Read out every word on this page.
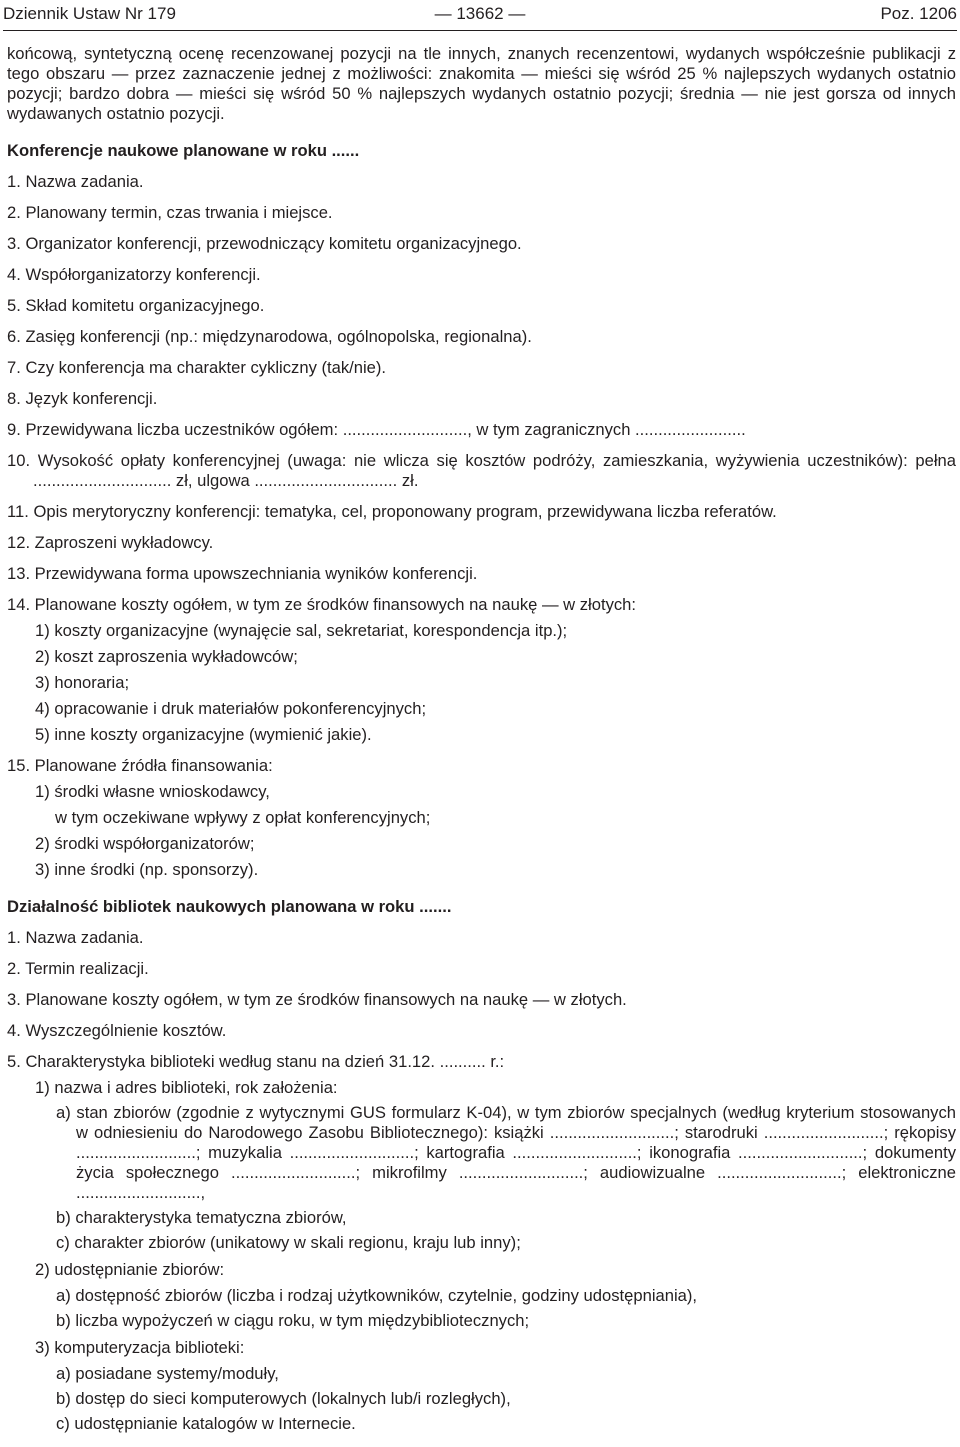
Dziennik Ustaw Nr 179	— 13662 —	Poz. 1206
końcową, syntetyczną ocenę recenzowanej pozycji na tle innych, znanych recenzentowi, wydanych współcześnie publikacji z tego obszaru — przez zaznaczenie jednej z możliwości: znakomita — mieści się wśród 25 % najlepszych wydanych ostatnio pozycji; bardzo dobra — mieści się wśród 50 % najlepszych wydanych ostatnio pozycji; średnia — nie jest gorsza od innych wydawanych ostatnio pozycji.
Konferencje naukowe planowane w roku ......
1. Nazwa zadania.
2. Planowany termin, czas trwania i miejsce.
3. Organizator konferencji, przewodniczący komitetu organizacyjnego.
4. Współorganizatorzy konferencji.
5. Skład komitetu organizacyjnego.
6. Zasięg konferencji (np.: międzynarodowa, ogólnopolska, regionalna).
7. Czy konferencja ma charakter cykliczny (tak/nie).
8. Język konferencji.
9. Przewidywana liczba uczestników ogółem: ..........................., w tym zagranicznych ........................
10. Wysokość opłaty konferencyjnej (uwaga: nie wlicza się kosztów podróży, zamieszkania, wyżywienia uczestników): pełna .............................. zł, ulgowa ............................... zł.
11. Opis merytoryczny konferencji: tematyka, cel, proponowany program, przewidywana liczba referatów.
12. Zaproszeni wykładowcy.
13. Przewidywana forma upowszechniania wyników konferencji.
14. Planowane koszty ogółem, w tym ze środków finansowych na naukę — w złotych:
1) koszty organizacyjne (wynajęcie sal, sekretariat, korespondencja itp.);
2) koszt zaproszenia wykładowców;
3) honoraria;
4) opracowanie i druk materiałów pokonferencyjnych;
5) inne koszty organizacyjne (wymienić jakie).
15. Planowane źródła finansowania:
1) środki własne wnioskodawcy,
w tym oczekiwane wpływy z opłat konferencyjnych;
2) środki współorganizatorów;
3) inne środki (np. sponsorzy).
Działalność bibliotek naukowych planowana w roku .......
1. Nazwa zadania.
2. Termin realizacji.
3. Planowane koszty ogółem, w tym ze środków finansowych na naukę — w złotych.
4. Wyszczególnienie kosztów.
5. Charakterystyka biblioteki według stanu na dzień 31.12. .......... r.:
1) nazwa i adres biblioteki, rok założenia:
a) stan zbiorów (zgodnie z wytycznymi GUS formularz K-04), w tym zbiorów specjalnych (według kryterium stosowanych w odniesieniu do Narodowego Zasobu Bibliotecznego): książki ...........................; starodruki ..........................; rękopisy ..........................; muzykalia ...........................; kartografia ...........................; ikonografia ...........................; dokumenty życia społecznego ...........................; mikrofilmy ...........................; audiowizualne ...........................; elektroniczne ...........................,
b) charakterystyka tematyczna zbiorów,
c) charakter zbiorów (unikatowy w skali regionu, kraju lub inny);
2) udostępnianie zbiorów:
a) dostępność zbiorów (liczba i rodzaj użytkowników, czytelnie, godziny udostępniania),
b) liczba wypożyczeń w ciągu roku, w tym międzybibliotecznych;
3) komputeryzacja biblioteki:
a) posiadane systemy/moduły,
b) dostęp do sieci komputerowych (lokalnych lub/i rozległych),
c) udostępnianie katalogów w Internecie.
